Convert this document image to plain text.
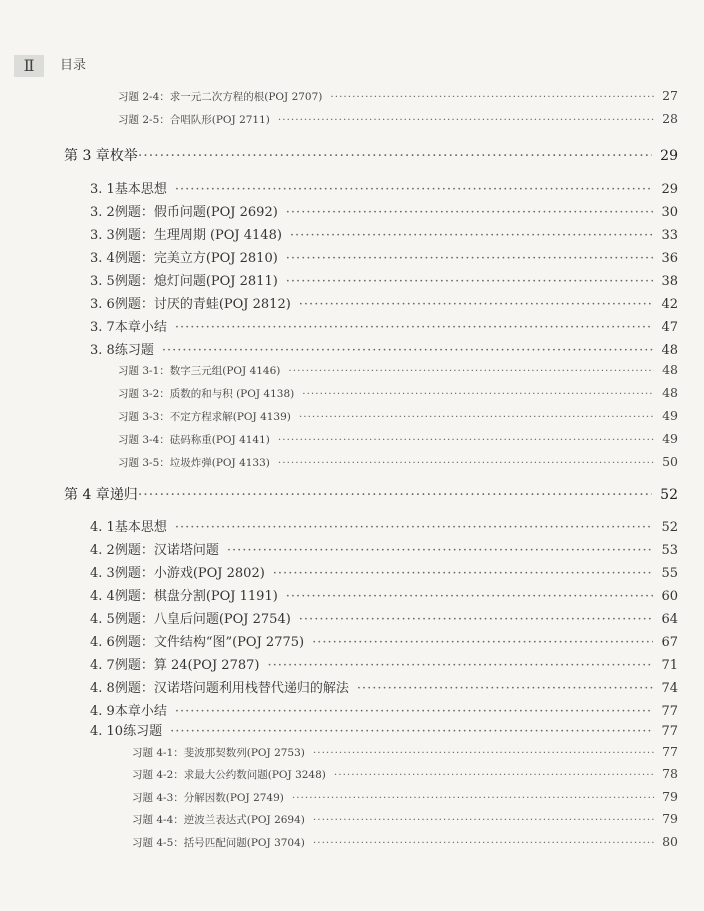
Ⅱ	目录
习题 2-4： 求一元二次方程的根(POJ 2707) ·····	27
习题 2-5： 合唱队形(POJ 2711) ·····	28
第 3 章 枚举 ·····	29
3. 1 基本思想 ·····	29
3. 2 例题：假币问题(POJ 2692) ·····	30
3. 3 例题：生理周期 (POJ 4148) ·····	33
3. 4 例题：完美立方(POJ 2810) ·····	36
3. 5 例题：熄灯问题(POJ 2811) ·····	38
3. 6 例题：讨厌的青蛙(POJ 2812) ·····	42
3. 7 本章小结 ·····	47
3. 8 练习题 ·····	48
习题 3-1： 数字三元组(POJ 4146) ·····	48
习题 3-2： 质数的和与积 (POJ 4138) ·····	48
习题 3-3： 不定方程求解(POJ 4139) ·····	49
习题 3-4： 砝码称重(POJ 4141) ·····	49
习题 3-5： 垃圾炸弹(POJ 4133) ·····	50
第 4 章 递归 ·····	52
4. 1 基本思想 ·····	52
4. 2 例题：汉诺塔问题 ·····	53
4. 3 例题：小游戏(POJ 2802) ·····	55
4. 4 例题：棋盘分割(POJ 1191) ·····	60
4. 5 例题：八皇后问题(POJ 2754) ·····	64
4. 6 例题：文件结构“图”(POJ 2775) ·····	67
4. 7 例题：算 24(POJ 2787) ·····	71
4. 8 例题：汉诺塔问题利用栈替代递归的解法 ·····	74
4. 9 本章小结 ·····	77
4. 10 练习题 ·····	77
习题 4-1： 斐波那契数列(POJ 2753) ·····	77
习题 4-2： 求最大公约数问题(POJ 3248) ·····	78
习题 4-3： 分解因数(POJ 2749) ·····	79
习题 4-4： 逆波兰表达式(POJ 2694) ·····	79
习题 4-5： 括号匹配问题(POJ 3704) ·····	80
